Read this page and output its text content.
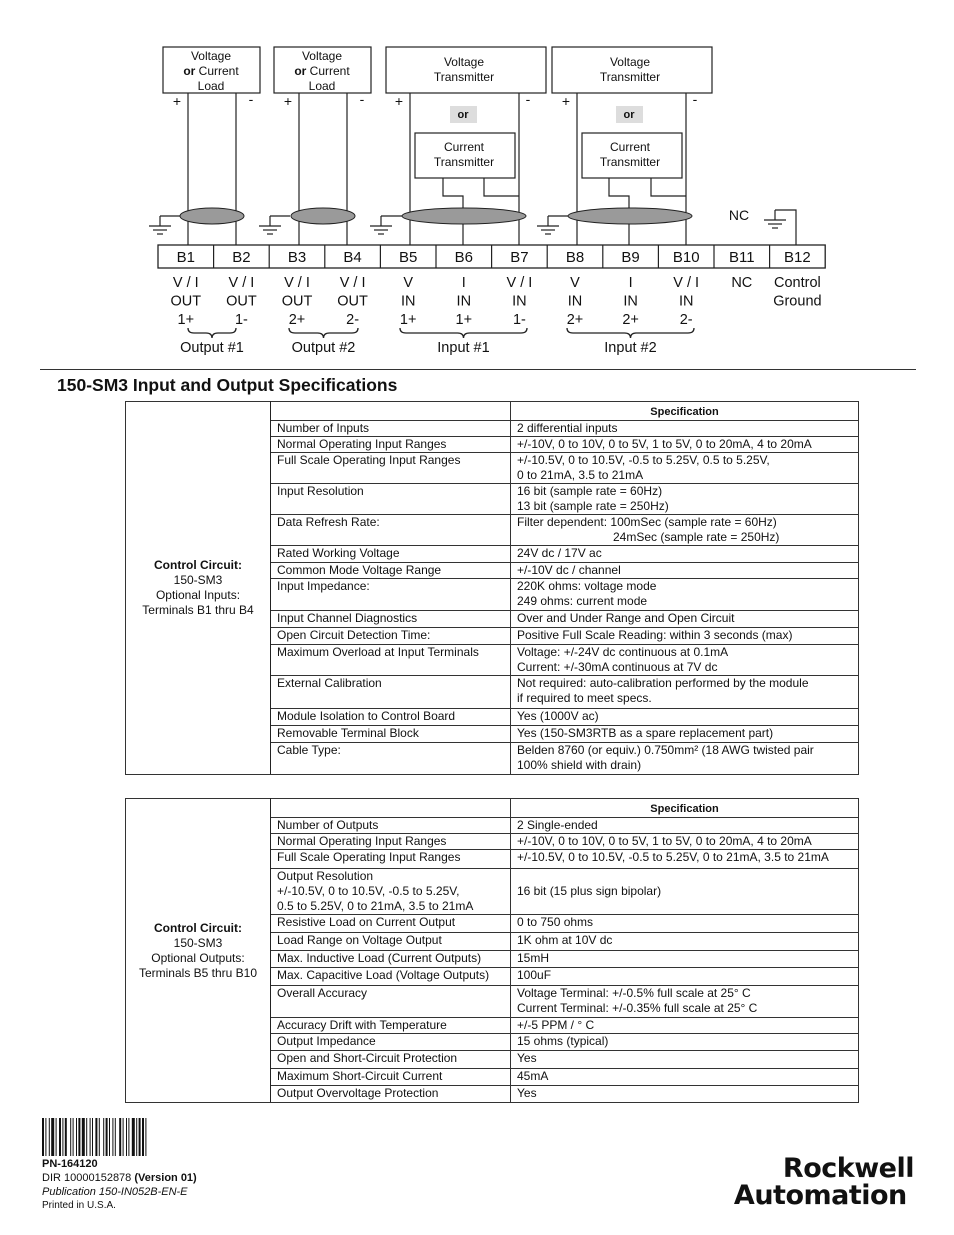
Voltage
or Current
Load
Voltage
or Current
Load
Voltage
Transmitter
Voltage
Transmitter
Current
Transmitter
Current
Transmitter
or	or
+	- +	- +	- +	-
NC
B1
V / I
OUT
1+
B2
V / I
OUT
1-
B3
V / I
OUT
2+
B4
V / I
OUT
2-
B5
V
IN
1+
B6
I
IN
1+
B7
V / I
IN
1-
B8
V
IN
2+
B9
I
IN
2+
B10
V / I
IN
2-
B11
NC
B12
Control
Ground
Output #1	Output #2	Input #1	Input #2
150-SM3 Input and Output Specifications
Control Circuit:
150-SM3
Optional Inputs:
Terminals B1 thru B4		Specification

	Number of Inputs	2 differential inputs

	Normal Operating Input Ranges	+/-10V, 0 to 10V, 0 to 5V, 1 to 5V, 0 to 20mA, 4 to 20mA

	Full Scale Operating Input Ranges	+/-10.5V, 0 to 10.5V, -0.5 to 5.25V, 0.5 to 5.25V,
0 to 21mA, 3.5 to 21mA

	Input Resolution	16 bit (sample rate = 60Hz)
13 bit (sample rate = 250Hz)

	Data Refresh Rate:	Filter dependent: 100mSec (sample rate = 60Hz)
24mSec (sample rate = 250Hz)

	Rated Working Voltage	24V dc / 17V ac

	Common Mode Voltage Range	+/-10V dc / channel

	Input Impedance:	220K ohms: voltage mode
249 ohms: current mode

	Input Channel Diagnostics	Over and Under Range and Open Circuit

	Open Circuit Detection Time:	Positive Full Scale Reading: within 3 seconds (max)

	Maximum Overload at Input Terminals	Voltage: +/-24V dc continuous at 0.1mA
Current: +/-30mA continuous at 7V dc

	External Calibration	Not required: auto-calibration performed by the module
if required to meet specs.

	Module Isolation to Control Board	Yes (1000V ac)

	Removable Terminal Block	Yes (150-SM3RTB as a spare replacement part)

	Cable Type:	Belden 8760 (or equiv.) 0.750mm² (18 AWG twisted pair
100% shield with drain)
Control Circuit:
150-SM3
Optional Outputs:
Terminals B5 thru B10		Specification

	Number of Outputs	2 Single-ended

	Normal Operating Input Ranges	+/-10V, 0 to 10V, 0 to 5V, 1 to 5V, 0 to 20mA, 4 to 20mA

	Full Scale Operating Input Ranges	+/-10.5V, 0 to 10.5V, -0.5 to 5.25V, 0 to 21mA, 3.5 to 21mA

	Output Resolution
+/-10.5V, 0 to 10.5V, -0.5 to 5.25V,
0.5 to 5.25V, 0 to 21mA, 3.5 to 21mA	16 bit (15 plus sign bipolar)

	Resistive Load on Current Output	0 to 750 ohms

	Load Range on Voltage Output	1K ohm at 10V dc

	Max. Inductive Load (Current Outputs)	15mH

	Max. Capacitive Load (Voltage Outputs)	100uF

	Overall Accuracy	Voltage Terminal: +/-0.5% full scale at 25° C
Current Terminal: +/-0.35% full scale at 25° C

	Accuracy Drift with Temperature	+/-5 PPM / ° C

	Output Impedance	15 ohms (typical)

	Open and Short-Circuit Protection	Yes

	Maximum Short-Circuit Current	45mA

	Output Overvoltage Protection	Yes
PN-164120
DIR 10000152878 (Version 01)
Publication 150-IN052B-EN-E
Printed in U.S.A.
Rockwell
Automation
